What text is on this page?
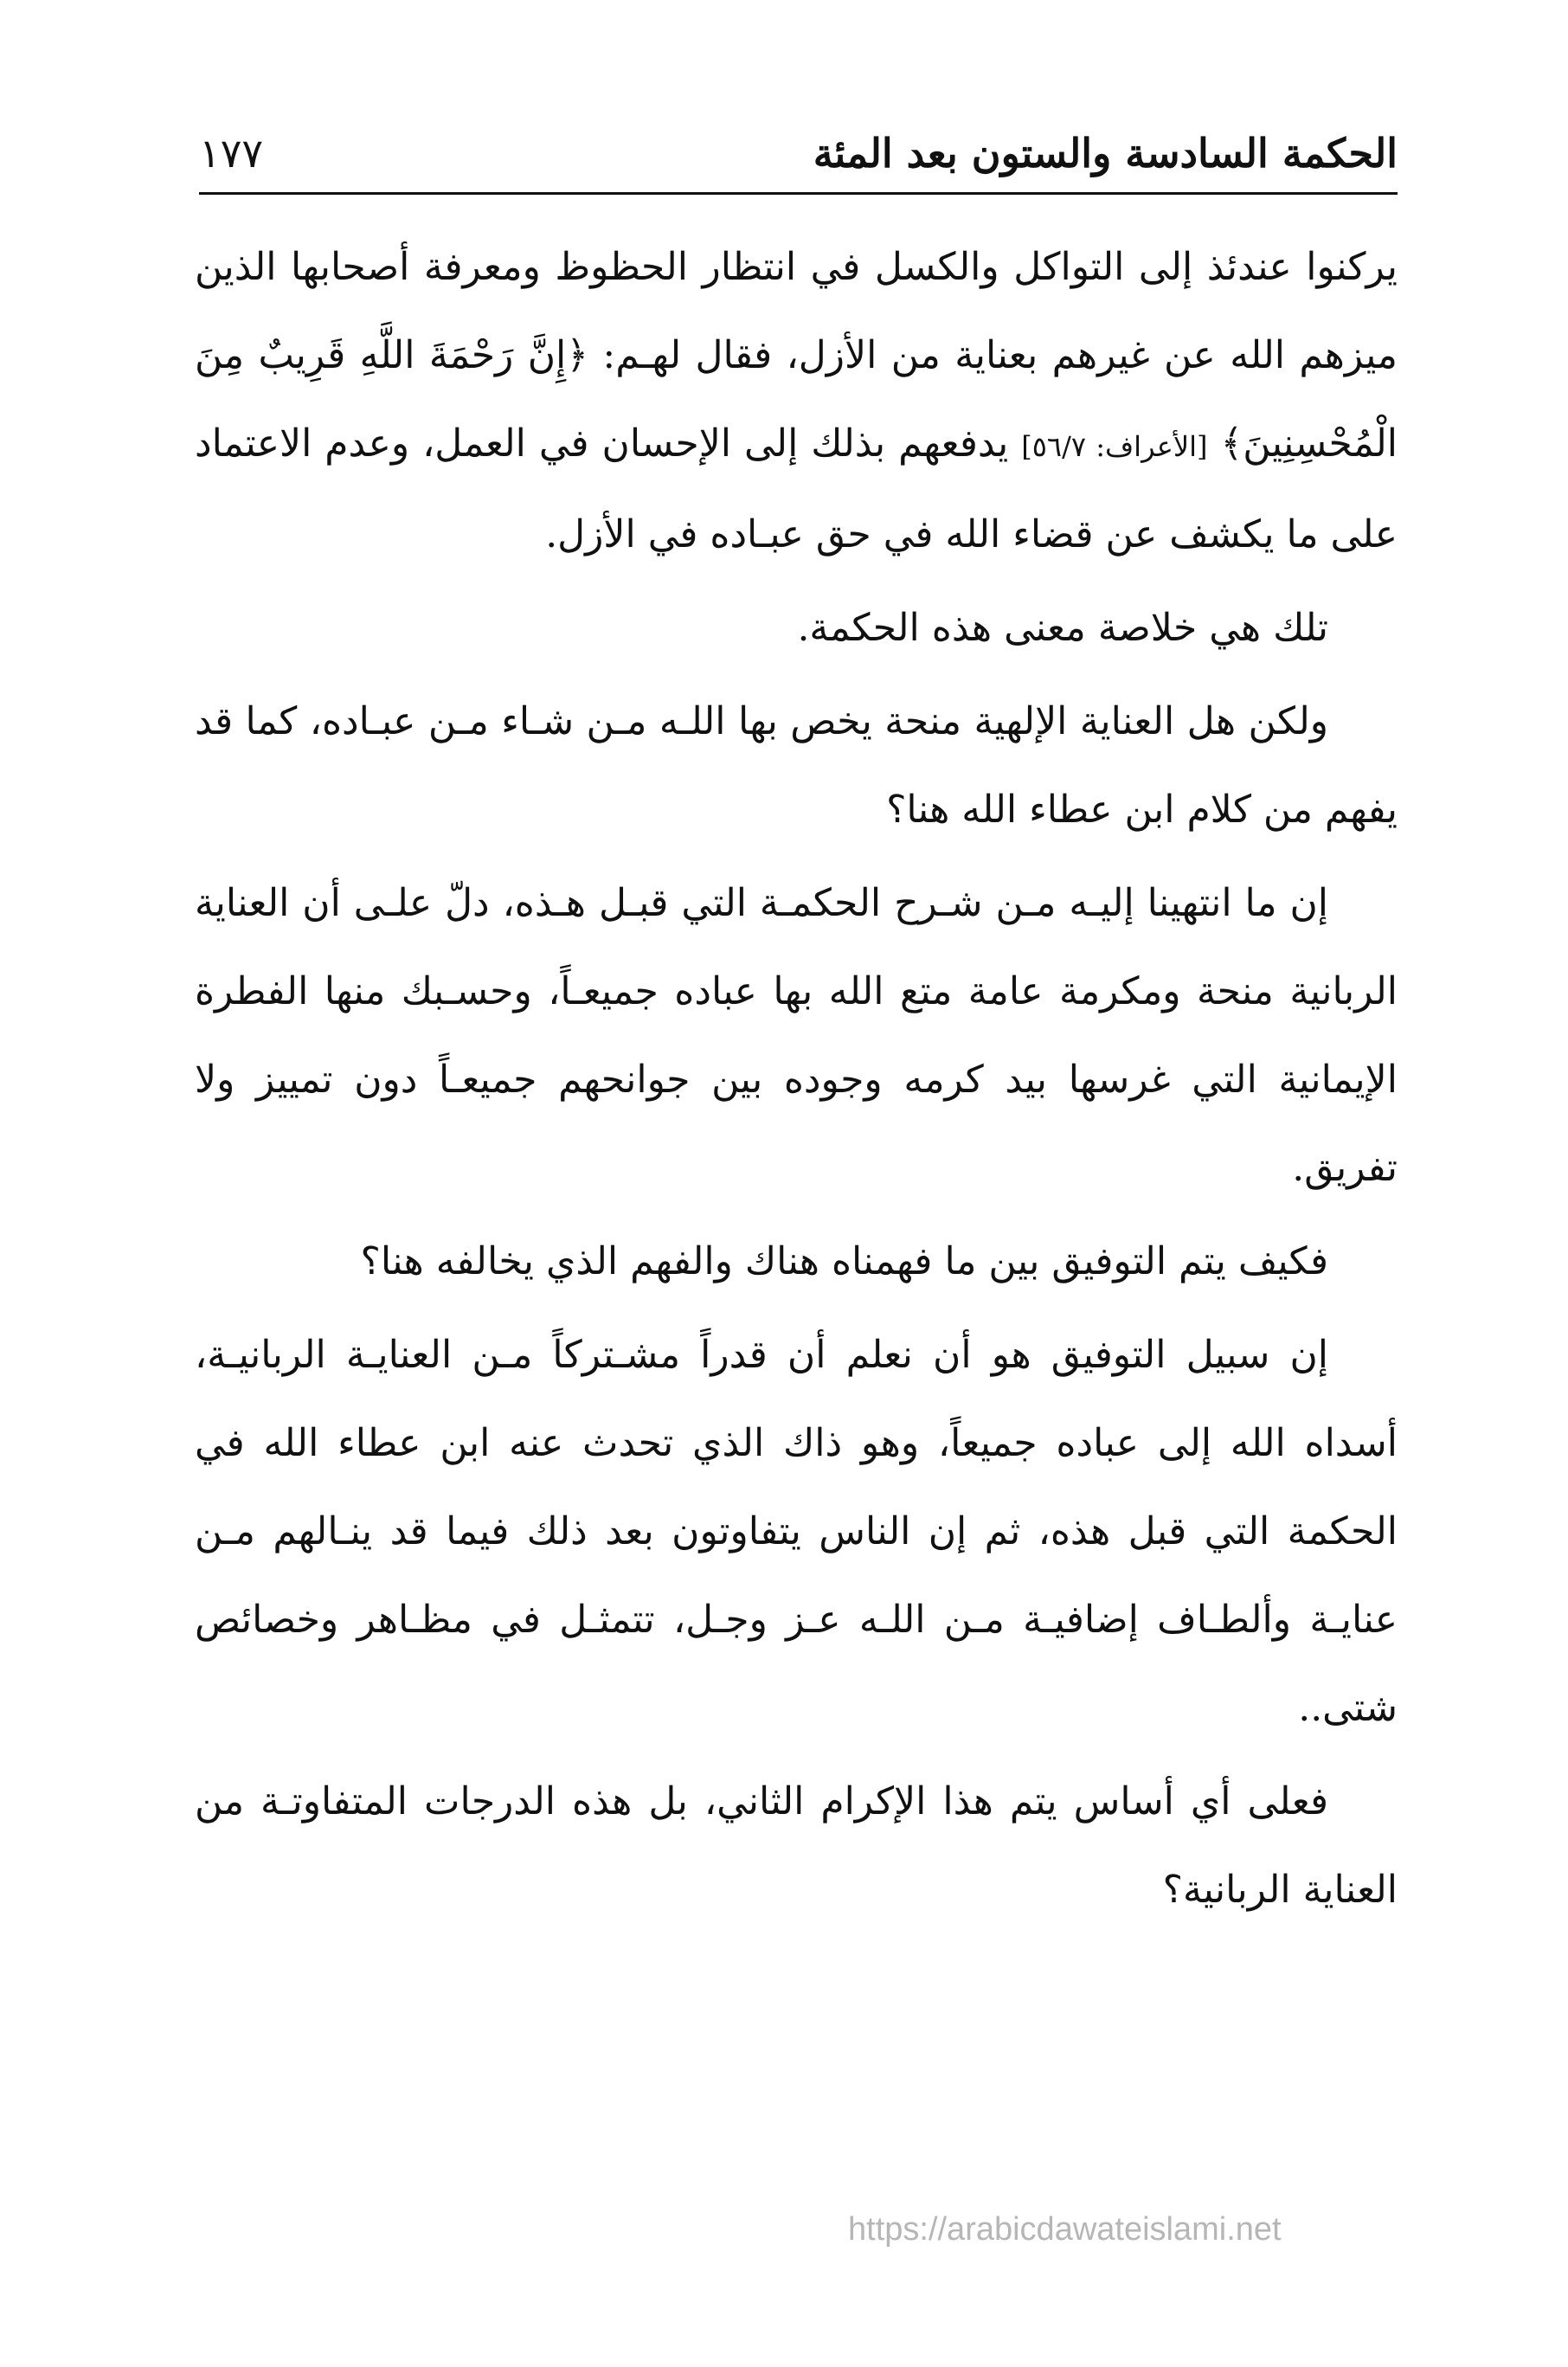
الحكمة السادسة والستون بعد المئة
١٧٧

يركنوا عندئذ إلى التواكل والكسل في انتظار الحظوظ ومعرفة أصحابها الذين ميزهم الله عن غيرهم بعناية من الأزل، فقال لهـم: ﴿إِنَّ رَحْمَةَ اللَّهِ قَرِيبٌ مِنَ الْمُحْسِنِينَ﴾ [الأعراف: ٥٦/٧] يدفعهم بذلك إلى الإحسان في العمل، وعدم الاعتماد على ما يكشف عن قضاء الله في حق عبـاده في الأزل.

تلك هي خلاصة معنى هذه الحكمة.

ولكن هل العناية الإلهية منحة يخص بها اللـه مـن شـاء مـن عبـاده، كما قد يفهم من كلام ابن عطاء الله هنا؟

إن ما انتهينا إليـه مـن شـرح الحكمـة التي قبـل هـذه، دلّ علـى أن العناية الربانية منحة ومكرمة عامة متع الله بها عباده جميعـاً، وحسـبك منها الفطرة الإيمانية التي غرسها بيد كرمه وجوده بين جوانحهم جميعـاً دون تمييز ولا تفريق.

فكيف يتم التوفيق بين ما فهمناه هناك والفهم الذي يخالفه هنا؟

إن سبيل التوفيق هو أن نعلم أن قدراً مشـتركاً مـن العنايـة الربانيـة، أسداه الله إلى عباده جميعاً، وهو ذاك الذي تحدث عنه ابن عطاء الله في الحكمة التي قبل هذه، ثم إن الناس يتفاوتون بعد ذلك فيما قد ينـالهم مـن عنايـة وألطـاف إضافيـة مـن اللـه عـز وجـل، تتمثـل في مظـاهر وخصائص شتى..

فعلى أي أساس يتم هذا الإكرام الثاني، بل هذه الدرجات المتفاوتـة من العناية الربانية؟

https://arabicdawateislami.net
